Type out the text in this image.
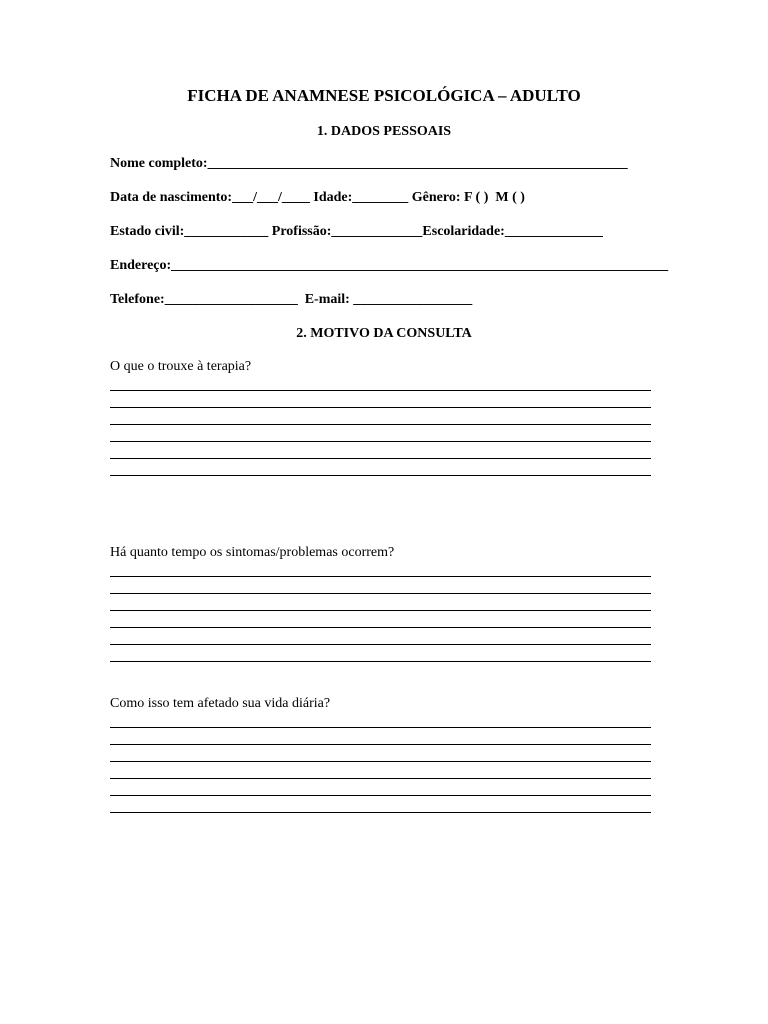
FICHA DE ANAMNESE PSICOLÓGICA – ADULTO
1. DADOS PESSOAIS
Nome completo:____________________________________________________________
Data de nascimento:___/___/____ Idade:________ Gênero: F ( )  M ( )
Estado civil:____________ Profissão:_____________Escolaridade:______________
Endereço:_______________________________________________________________________
Telefone:___________________  E-mail: _________________
2. MOTIVO DA CONSULTA
O que o trouxe à terapia?
Há quanto tempo os sintomas/problemas ocorrem?
Como isso tem afetado sua vida diária?
